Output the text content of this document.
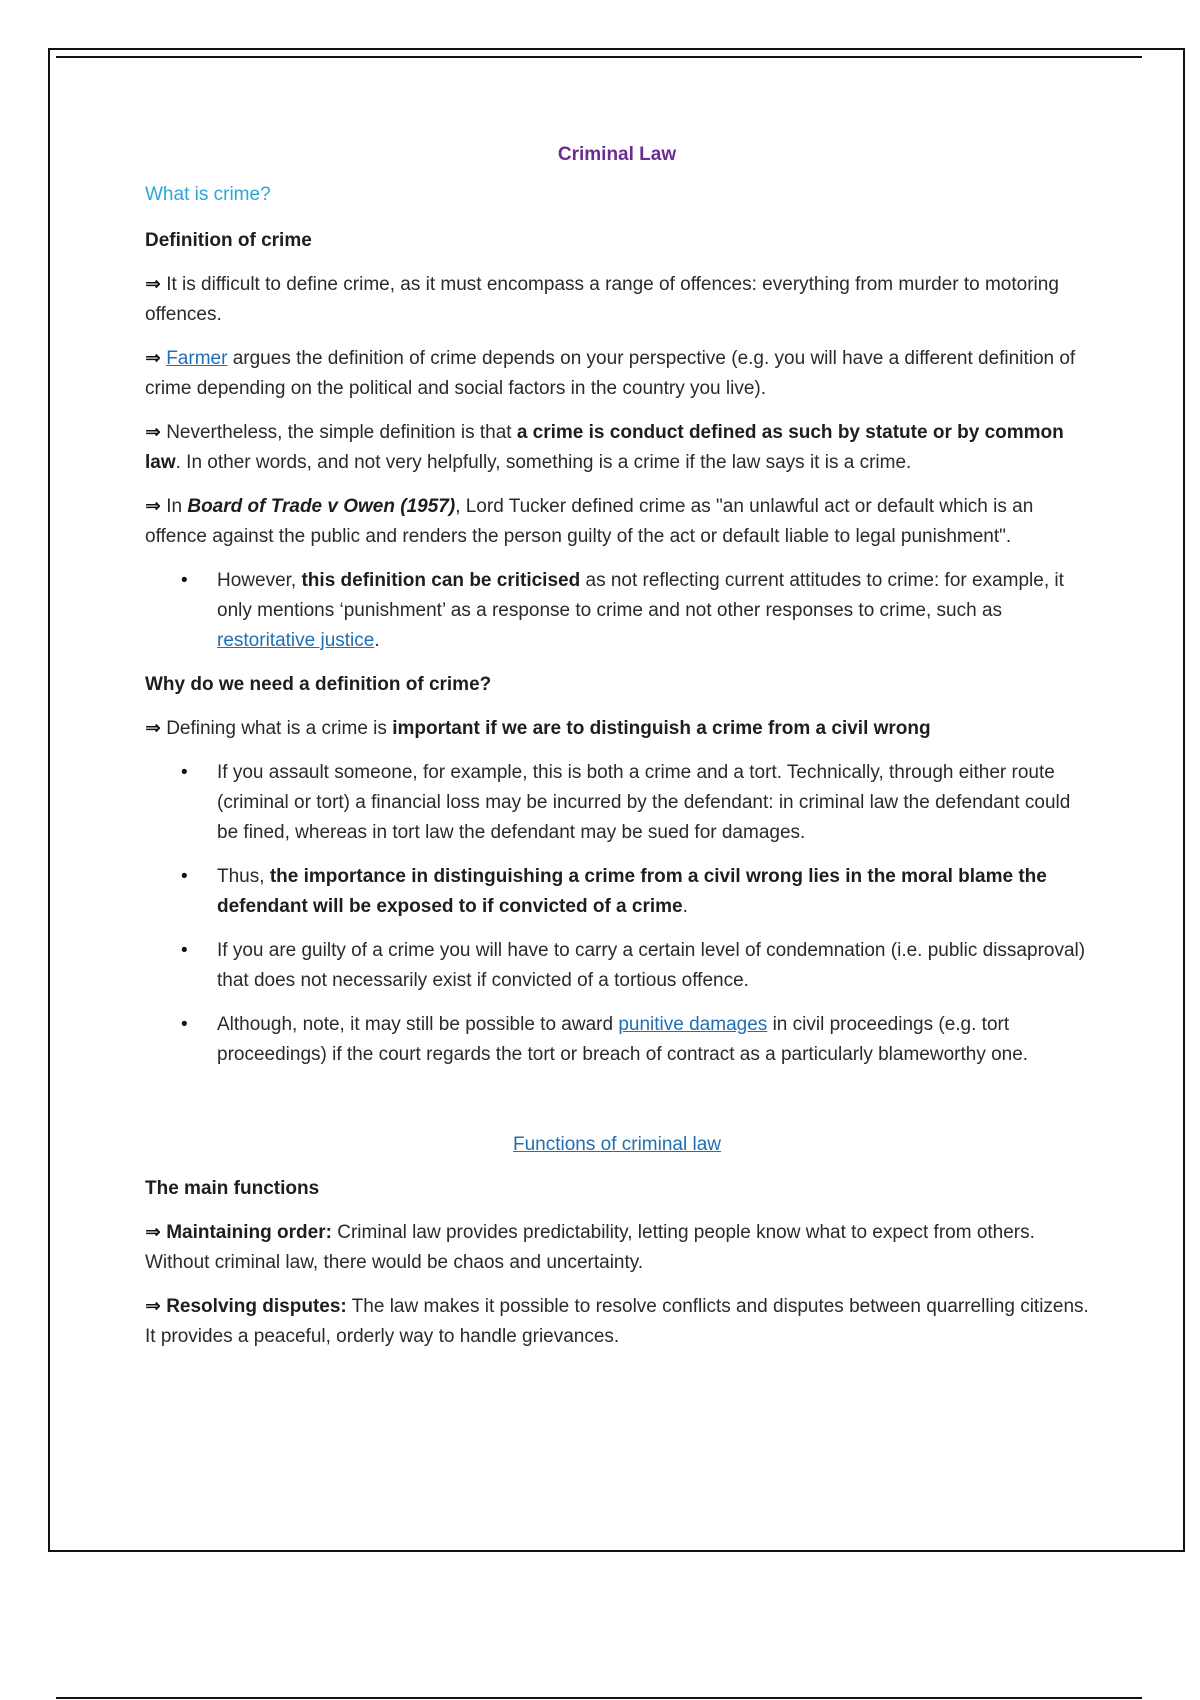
Criminal Law
What is crime?
Definition of crime

⇒ It is difficult to define crime, as it must encompass a range of offences: everything from murder to motoring offences.

⇒ Farmer argues the definition of crime depends on your perspective (e.g. you will have a different definition of crime depending on the political and social factors in the country you live).

⇒ Nevertheless, the simple definition is that a crime is conduct defined as such by statute or by common law. In other words, and not very helpfully, something is a crime if the law says it is a crime.

⇒ In Board of Trade v Owen (1957), Lord Tucker defined crime as "an unlawful act or default which is an offence against the public and renders the person guilty of the act or default liable to legal punishment".

• However, this definition can be criticised as not reflecting current attitudes to crime: for example, it only mentions ‘punishment’ as a response to crime and not other responses to crime, such as restoritative justice.
Why do we need a definition of crime?

⇒ Defining what is a crime is important if we are to distinguish a crime from a civil wrong

• If you assault someone, for example, this is both a crime and a tort. Technically, through either route (criminal or tort) a financial loss may be incurred by the defendant: in criminal law the defendant could be fined, whereas in tort law the defendant may be sued for damages.
• Thus, the importance in distinguishing a crime from a civil wrong lies in the moral blame the defendant will be exposed to if convicted of a crime.
• If you are guilty of a crime you will have to carry a certain level of condemnation (i.e. public dissaproval) that does not necessarily exist if convicted of a tortious offence.
• Although, note, it may still be possible to award punitive damages in civil proceedings (e.g. tort proceedings) if the court regards the tort or breach of contract as a particularly blameworthy one.
Functions of criminal law
The main functions

⇒ Maintaining order: Criminal law provides predictability, letting people know what to expect from others. Without criminal law, there would be chaos and uncertainty.

⇒ Resolving disputes: The law makes it possible to resolve conflicts and disputes between quarrelling citizens. It provides a peaceful, orderly way to handle grievances.
